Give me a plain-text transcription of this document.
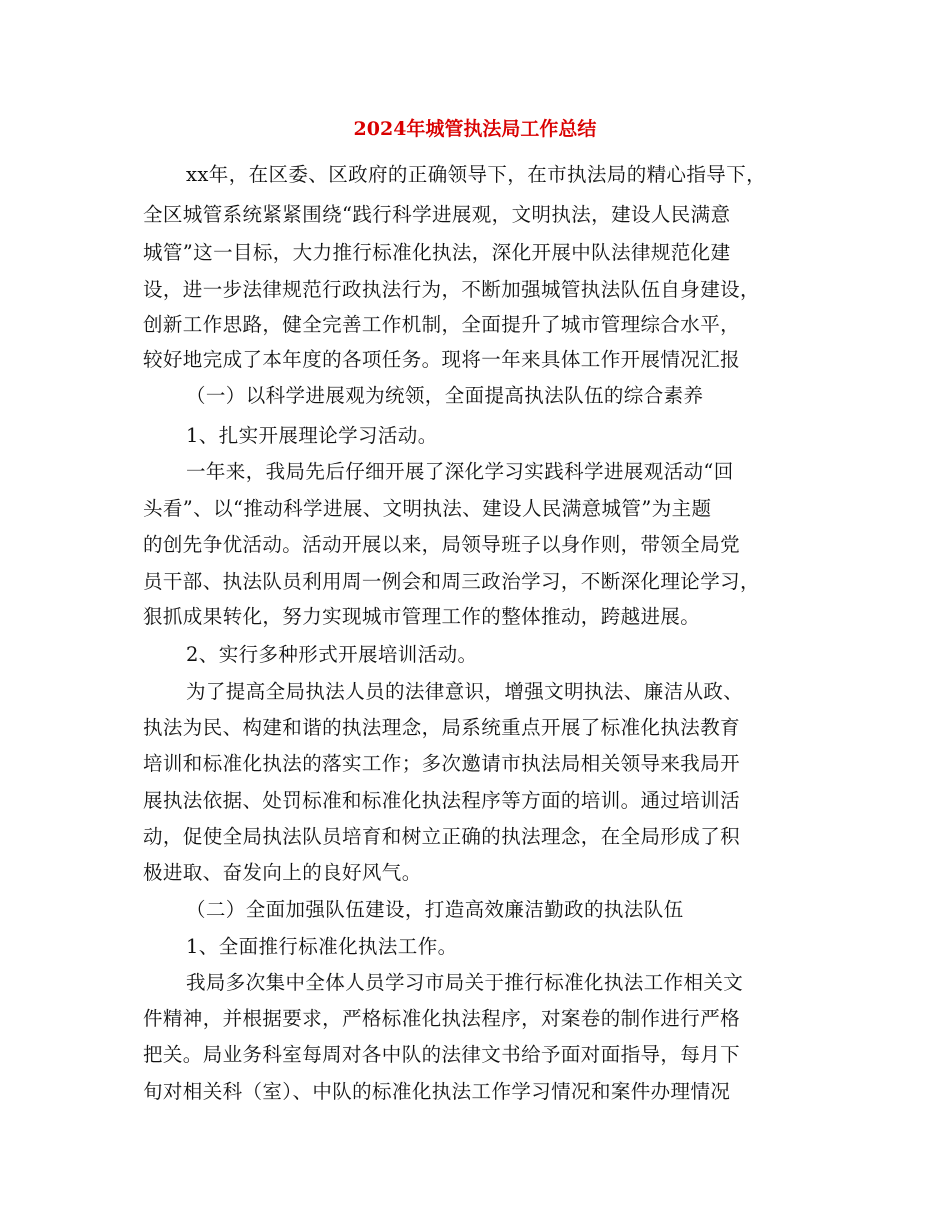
2024年城管执法局工作总结
xx年，在区委、区政府的正确领导下，在市执法局的精心指导下，
全区城管系统紧紧围绕“践行科学进展观，文明执法，建设人民满意
城管”这一目标，大力推行标准化执法，深化开展中队法律规范化建
设，进一步法律规范行政执法行为，不断加强城管执法队伍自身建设，
创新工作思路，健全完善工作机制，全面提升了城市管理综合水平，
较好地完成了本年度的各项任务。现将一年来具体工作开展情况汇报
（一）以科学进展观为统领，全面提高执法队伍的综合素养
1、扎实开展理论学习活动。
一年来，我局先后仔细开展了深化学习实践科学进展观活动“回
头看”、以“推动科学进展、文明执法、建设人民满意城管”为主题
的创先争优活动。活动开展以来，局领导班子以身作则，带领全局党
员干部、执法队员利用周一例会和周三政治学习，不断深化理论学习，
狠抓成果转化，努力实现城市管理工作的整体推动，跨越进展。
2、实行多种形式开展培训活动。
为了提高全局执法人员的法律意识，增强文明执法、廉洁从政、
执法为民、构建和谐的执法理念，局系统重点开展了标准化执法教育
培训和标准化执法的落实工作；多次邀请市执法局相关领导来我局开
展执法依据、处罚标准和标准化执法程序等方面的培训。通过培训活
动，促使全局执法队员培育和树立正确的执法理念，在全局形成了积
极进取、奋发向上的良好风气。
（二）全面加强队伍建设，打造高效廉洁勤政的执法队伍
1、全面推行标准化执法工作。
我局多次集中全体人员学习市局关于推行标准化执法工作相关文
件精神，并根据要求，严格标准化执法程序，对案卷的制作进行严格
把关。局业务科室每周对各中队的法律文书给予面对面指导，每月下
旬对相关科（室）、中队的标准化执法工作学习情况和案件办理情况
